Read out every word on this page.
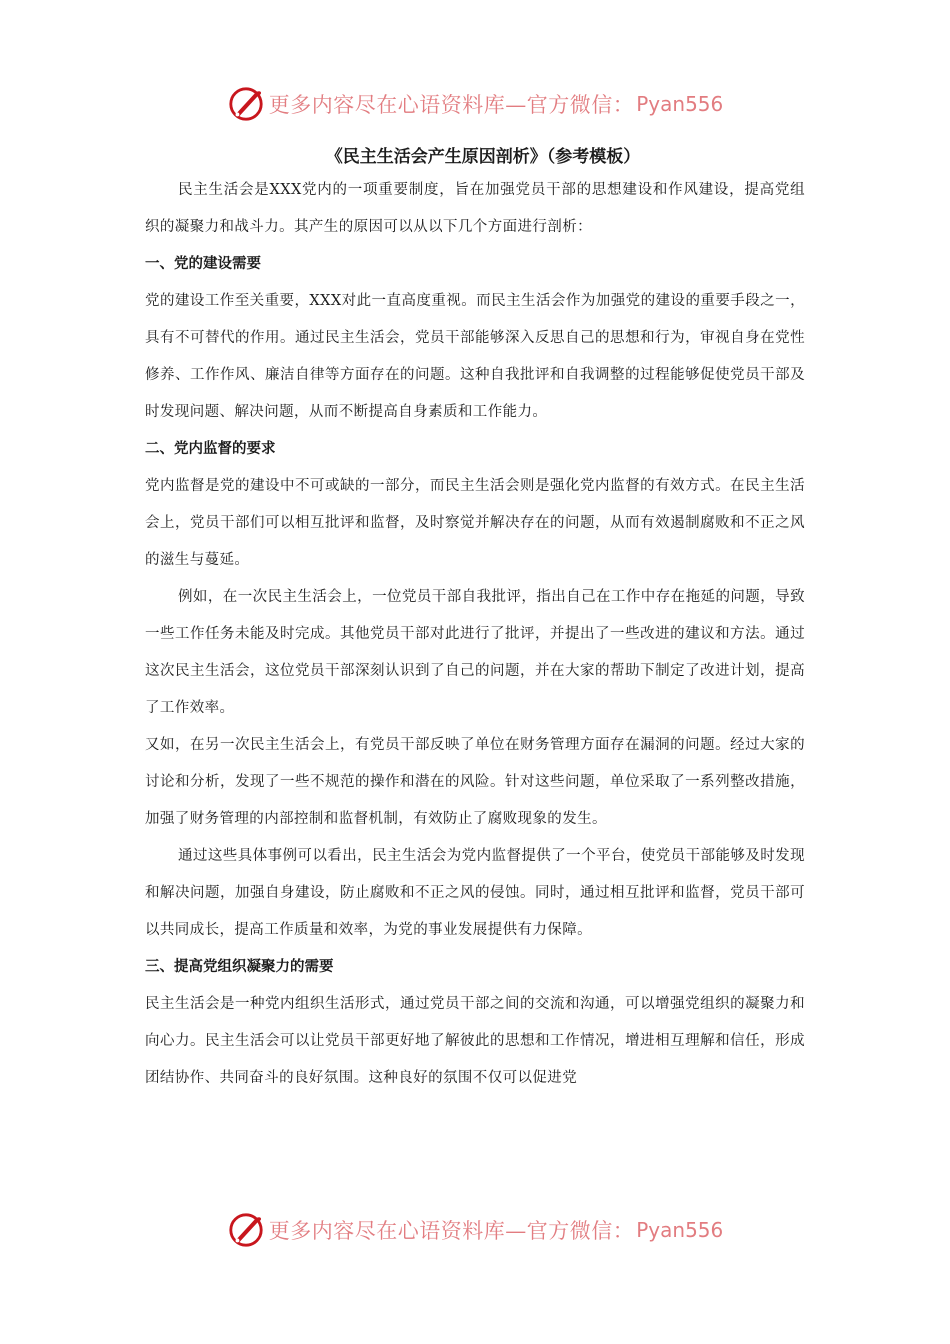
更多内容尽在心语资料库—官方微信： Pyan556
《民主生活会产生原因剖析》（参考模板）

民主生活会是XXX党内的一项重要制度，旨在加强党员干部的思想建设和作风建设，提高党组织的凝聚力和战斗力。其产生的原因可以从以下几个方面进行剖析：

一、党的建设需要

党的建设工作至关重要，XXX对此一直高度重视。而民主生活会作为加强党的建设的重要手段之一，具有不可替代的作用。通过民主生活会，党员干部能够深入反思自己的思想和行为，审视自身在党性修养、工作作风、廉洁自律等方面存在的问题。这种自我批评和自我调整的过程能够促使党员干部及时发现问题、解决问题，从而不断提高自身素质和工作能力。

二、党内监督的要求

党内监督是党的建设中不可或缺的一部分，而民主生活会则是强化党内监督的有效方式。在民主生活会上，党员干部们可以相互批评和监督，及时察觉并解决存在的问题，从而有效遏制腐败和不正之风的滋生与蔓延。

例如，在一次民主生活会上，一位党员干部自我批评，指出自己在工作中存在拖延的问题，导致一些工作任务未能及时完成。其他党员干部对此进行了批评，并提出了一些改进的建议和方法。通过这次民主生活会，这位党员干部深刻认识到了自己的问题，并在大家的帮助下制定了改进计划，提高了工作效率。

又如，在另一次民主生活会上，有党员干部反映了单位在财务管理方面存在漏洞的问题。经过大家的讨论和分析，发现了一些不规范的操作和潜在的风险。针对这些问题，单位采取了一系列整改措施，加强了财务管理的内部控制和监督机制，有效防止了腐败现象的发生。

通过这些具体事例可以看出，民主生活会为党内监督提供了一个平台，使党员干部能够及时发现和解决问题，加强自身建设，防止腐败和不正之风的侵蚀。同时，通过相互批评和监督，党员干部可以共同成长，提高工作质量和效率，为党的事业发展提供有力保障。

三、提高党组织凝聚力的需要

民主生活会是一种党内组织生活形式，通过党员干部之间的交流和沟通，可以增强党组织的凝聚力和向心力。民主生活会可以让党员干部更好地了解彼此的思想和工作情况，增进相互理解和信任，形成团结协作、共同奋斗的良好氛围。这种良好的氛围不仅可以促进党

更多内容尽在心语资料库—官方微信： Pyan556
